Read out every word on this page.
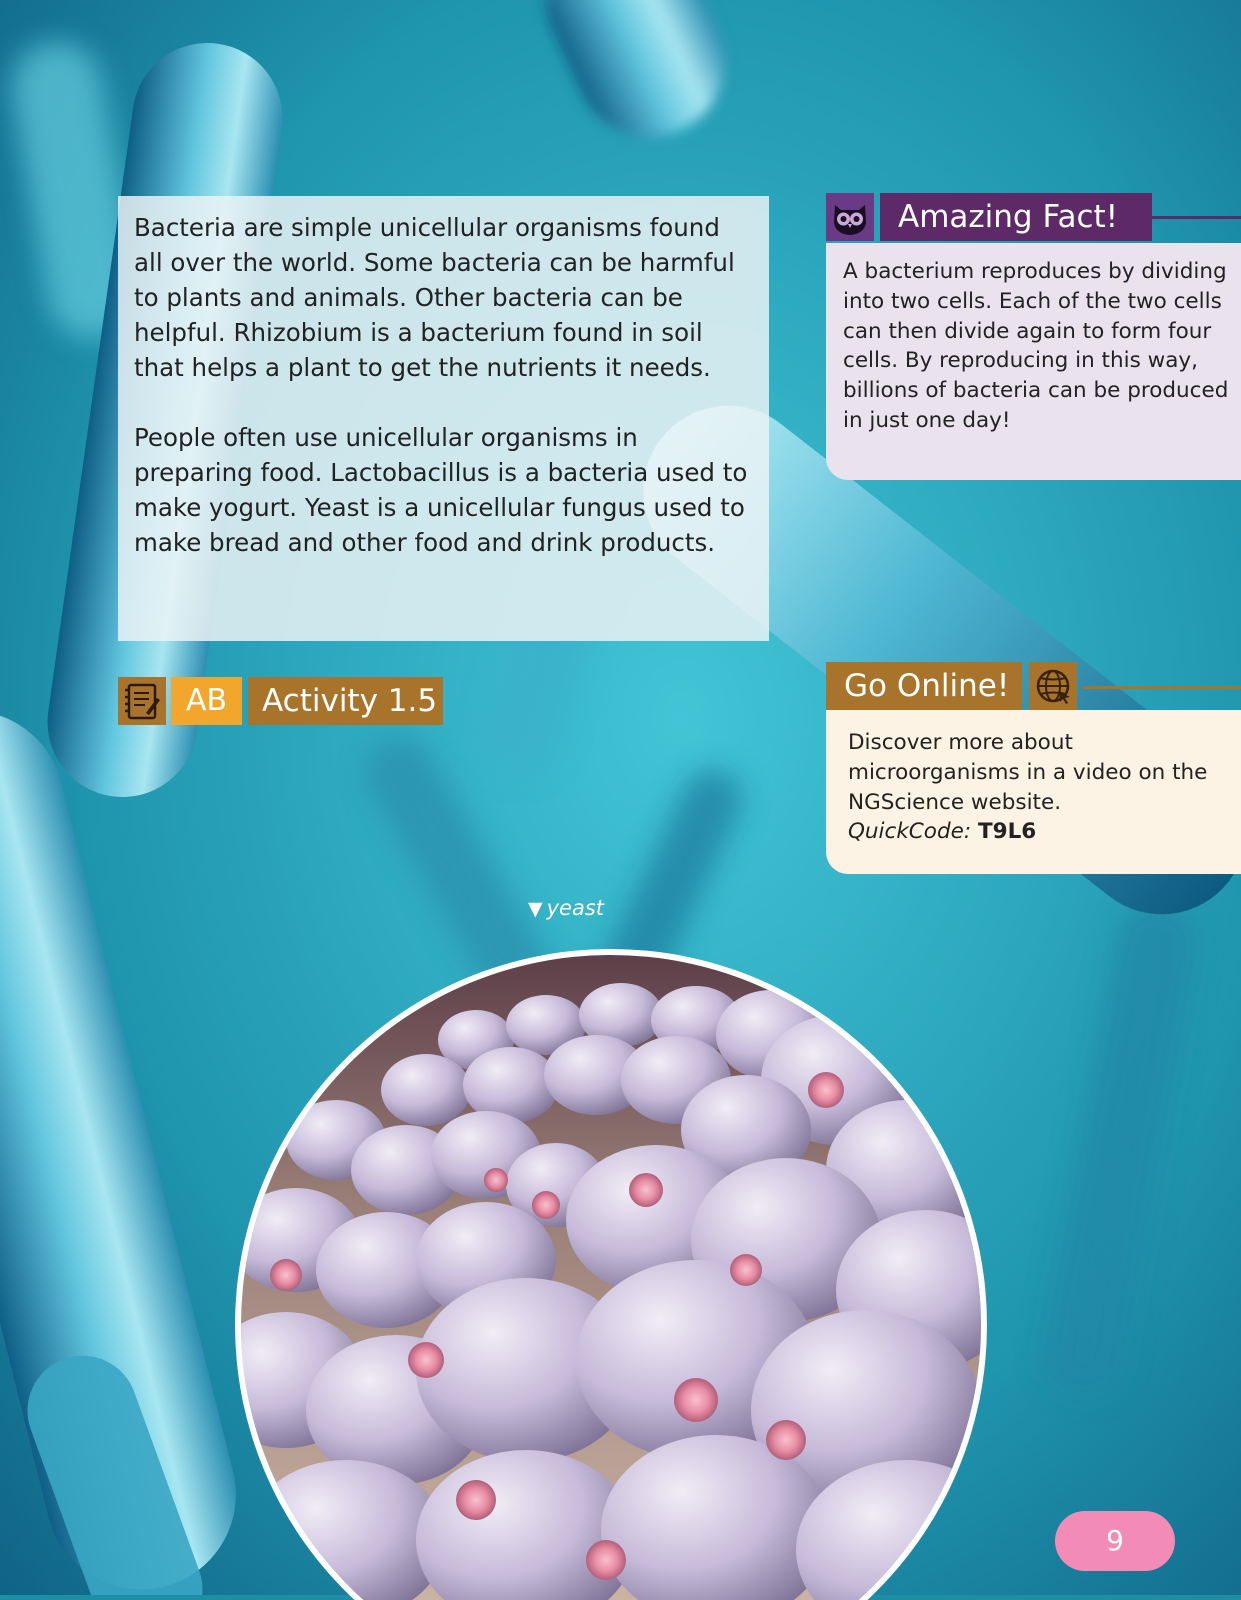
Bacteria are simple unicellular organisms found all over the world. Some bacteria can be harmful to plants and animals. Other bacteria can be helpful. Rhizobium is a bacterium found in soil that helps a plant to get the nutrients it needs.

People often use unicellular organisms in preparing food. Lactobacillus is a bacteria used to make yogurt. Yeast is a unicellular fungus used to make bread and other food and drink products.

Amazing Fact!
A bacterium reproduces by dividing into two cells. Each of the two cells can then divide again to form four cells. By reproducing in this way, billions of bacteria can be produced in just one day!
AB	Activity 1.5	Go Online!
Discover more about microorganisms in a video on the NGScience website.
QuickCode: T9L6
▼ yeast
9
